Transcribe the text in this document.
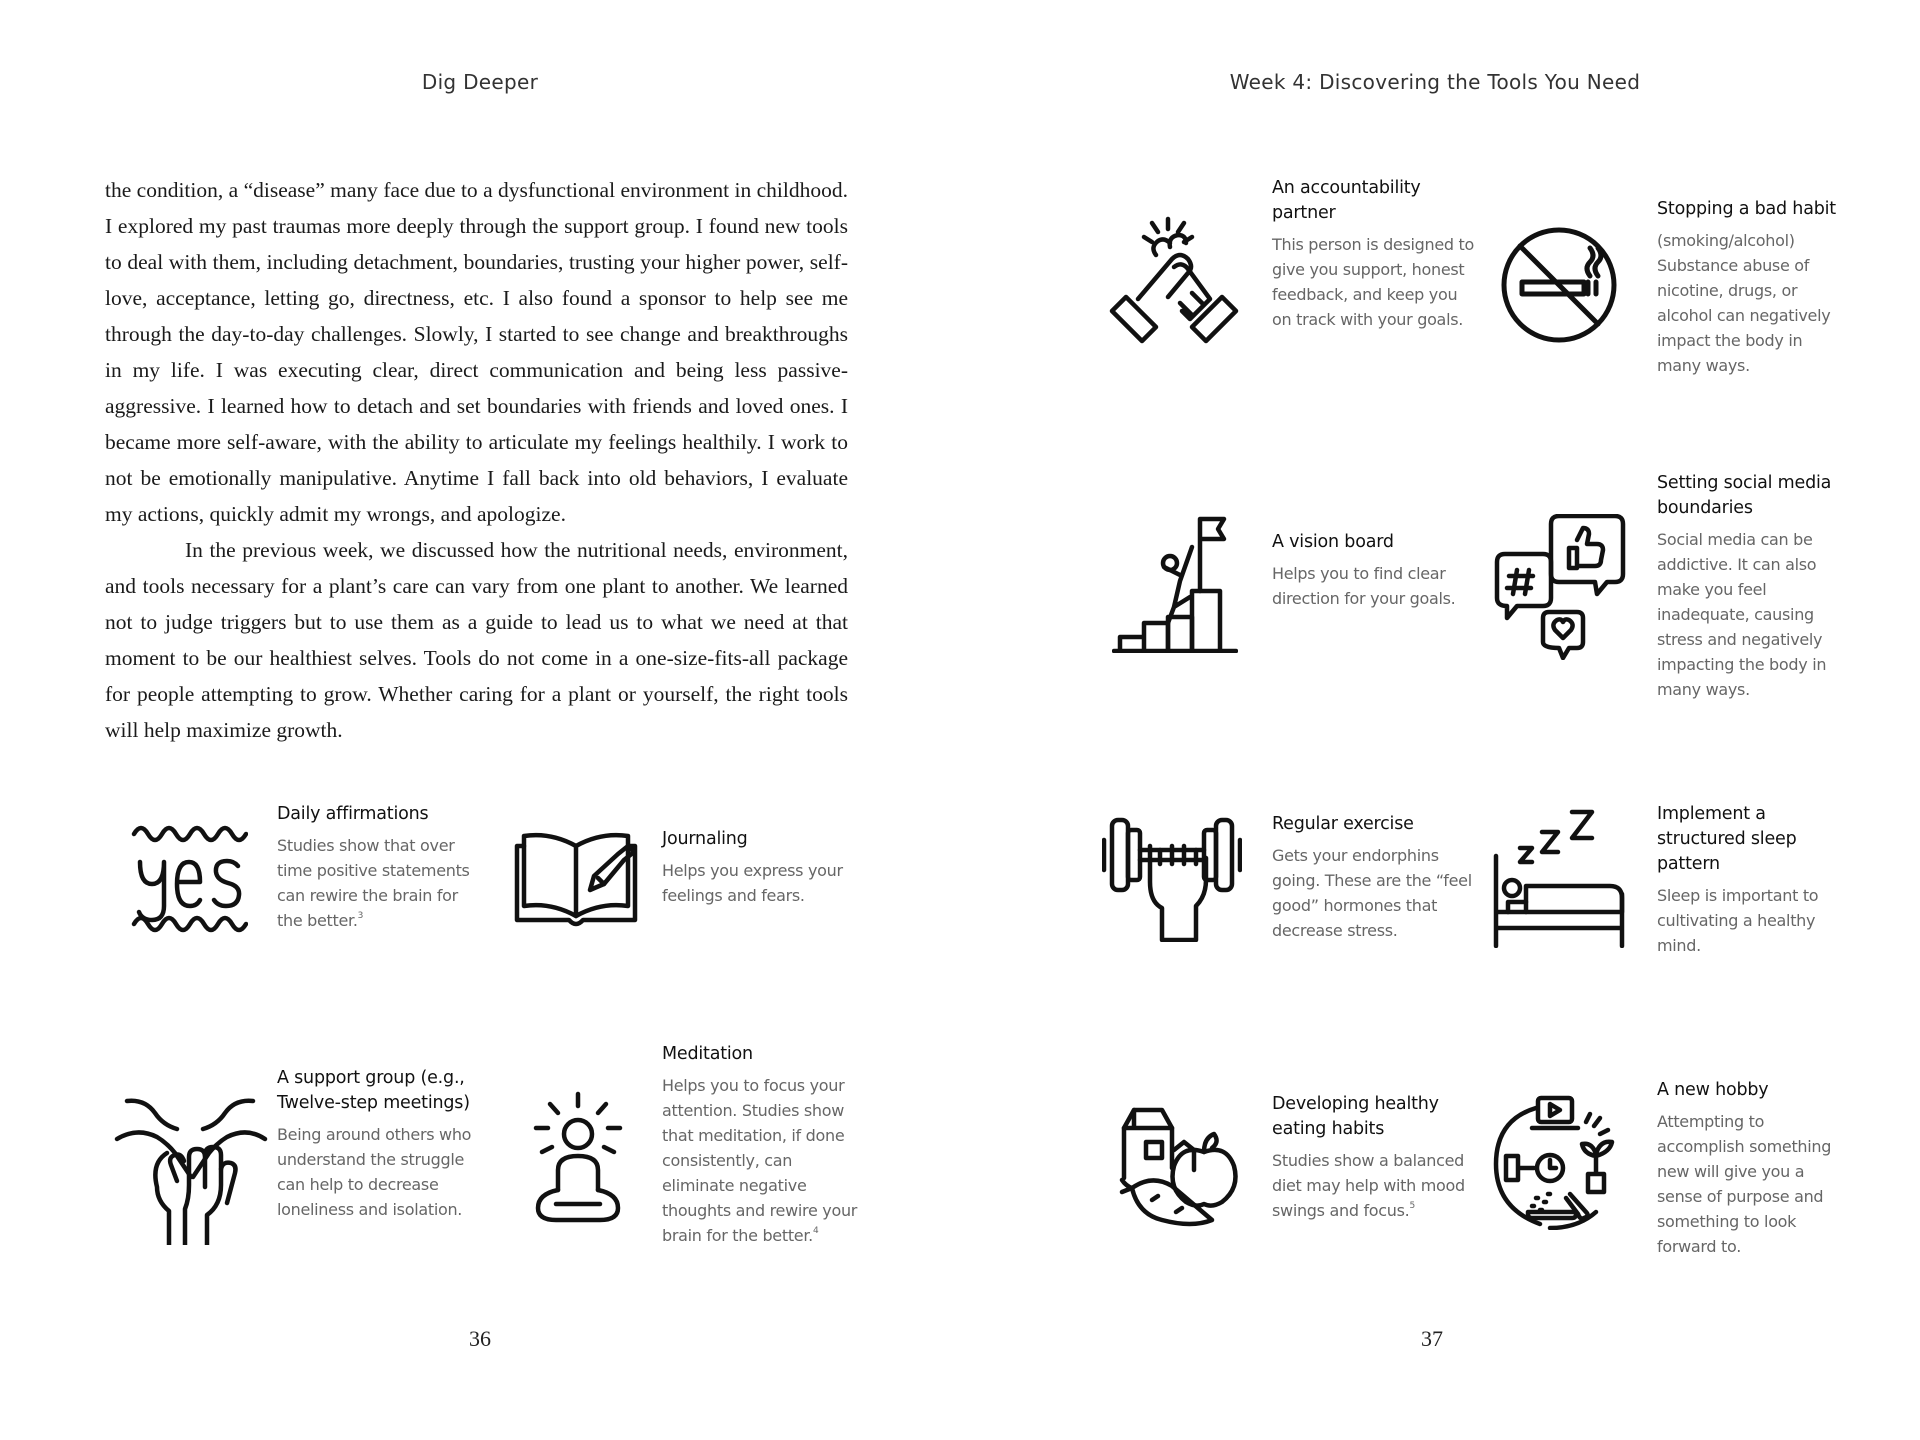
Dig Deeper

the condition, a “disease” many face due to a dysfunctional environment in childhood. I explored my past traumas more deeply through the support group. I found new tools to deal with them, including detachment, boundaries, trusting your higher power, self-love, acceptance, letting go, directness, etc. I also found a sponsor to help see me through the day-to-day challenges. Slowly, I started to see change and breakthroughs in my life. I was executing clear, direct communication and being less passive-aggressive. I learned how to detach and set boundaries with friends and loved ones. I became more self-aware, with the ability to articulate my feelings healthily. I work to not be emotionally manipulative. Anytime I fall back into old behaviors, I evaluate my actions, quickly admit my wrongs, and apologize.

In the previous week, we discussed how the nutritional needs, environment, and tools necessary for a plant’s care can vary from one plant to another. We learned not to judge triggers but to use them as a guide to lead us to what we need at that moment to be our healthiest selves. Tools do not come in a one-size-fits-all package for people attempting to grow. Whether caring for a plant or yourself, the right tools will help maximize growth.

Daily affirmations
Studies show that over time positive statements can rewire the brain for the better.$^3$
Journaling
Helps you express your feelings and fears.
A support group (e.g., Twelve-step meetings)
Being around others who understand the struggle can help to decrease loneliness and isolation.
Meditation
Helps you to focus your attention. Studies show that meditation, if done consistently, can eliminate negative thoughts and rewire your brain for the better.$^4$
36
Week 4: Discovering the Tools You Need
An accountability partner
This person is designed to give you support, honest feedback, and keep you on track with your goals.
Stopping a bad habit
(smoking/alcohol) Substance abuse of nicotine, drugs, or alcohol can negatively impact the body in many ways.
A vision board
Helps you to find clear direction for your goals.
Setting social media boundaries
Social media can be addictive. It can also make you feel inadequate, causing stress and negatively impacting the body in many ways.
Regular exercise
Gets your endorphins going. These are the “feel good” hormones that decrease stress.
Implement a structured sleep pattern
Sleep is important to cultivating a healthy mind.
Developing healthy eating habits
Studies show a balanced diet may help with mood swings and focus.$^5$
A new hobby
Attempting to accomplish something new will give you a sense of purpose and something to look forward to.
37
